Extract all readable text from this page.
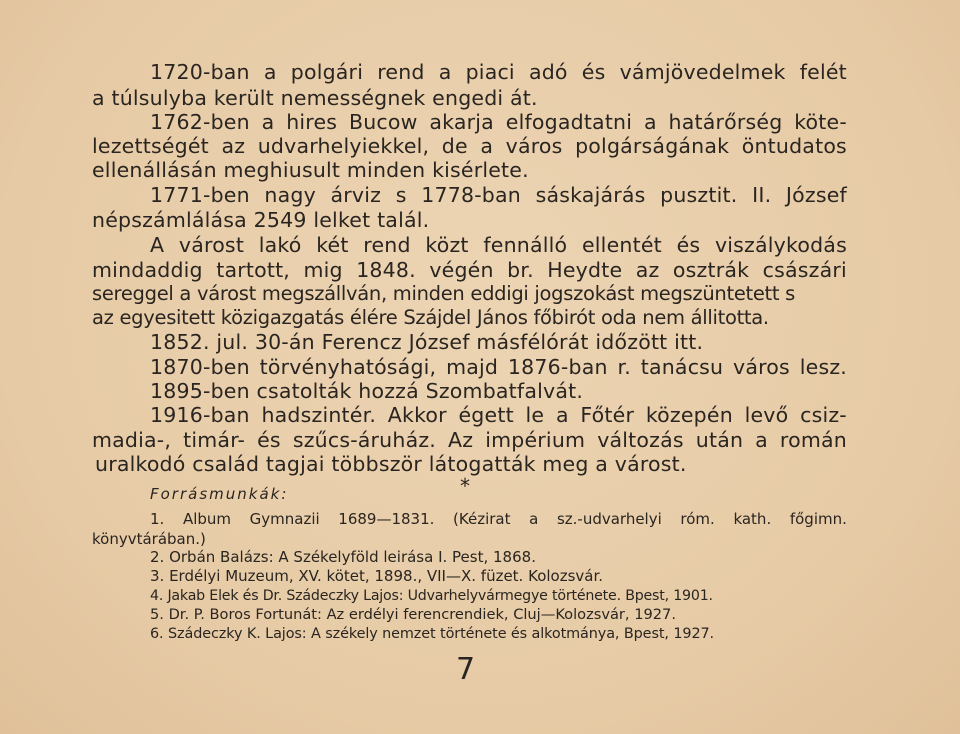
1720-ban a polgári rend a piaci adó és vámjövedelmek felét
a túlsulyba került nemességnek engedi át.
1762-ben a hires Bucow akarja elfogadtatni a határőrség köte-
lezettségét az udvarhelyiekkel, de a város polgárságának öntudatos
ellenállásán meghiusult minden kisérlete.
1771-ben nagy árviz s 1778-ban sáskajárás pusztit. II. József
népszámlálása 2549 lelket talál.
A várost lakó két rend közt fennálló ellentét és viszálykodás
mindaddig tartott, mig 1848. végén br. Heydte az osztrák császári
sereggel a várost megszállván, minden eddigi jogszokást megszüntetett s
az egyesitett közigazgatás élére Szájdel János főbirót oda nem állitotta.
1852. jul. 30-án Ferencz József másfélórát időzött itt.
1870-ben törvényhatósági, majd 1876-ban r. tanácsu város lesz.
1895-ben csatolták hozzá Szombatfalvát.
1916-ban hadszintér. Akkor égett le a Főtér közepén levő csiz-
madia-, timár- és szűcs-áruház. Az impérium változás után a román
uralkodó család tagjai többször látogatták meg a várost.
*
Forrásmunkák:
1. Album Gymnazii 1689—1831. (Kézirat a sz.-udvarhelyi róm. kath. főgimn.
könyvtárában.)
2. Orbán Balázs: A Székelyföld leirása I. Pest, 1868.
3. Erdélyi Muzeum, XV. kötet, 1898., VII—X. füzet. Kolozsvár.
4. Jakab Elek és Dr. Szádeczky Lajos: Udvarhelyvármegye története. Bpest, 1901.
5. Dr. P. Boros Fortunát: Az erdélyi ferencrendiek, Cluj—Kolozsvár, 1927.
6. Szádeczky K. Lajos: A székely nemzet története és alkotmánya, Bpest, 1927.
7
